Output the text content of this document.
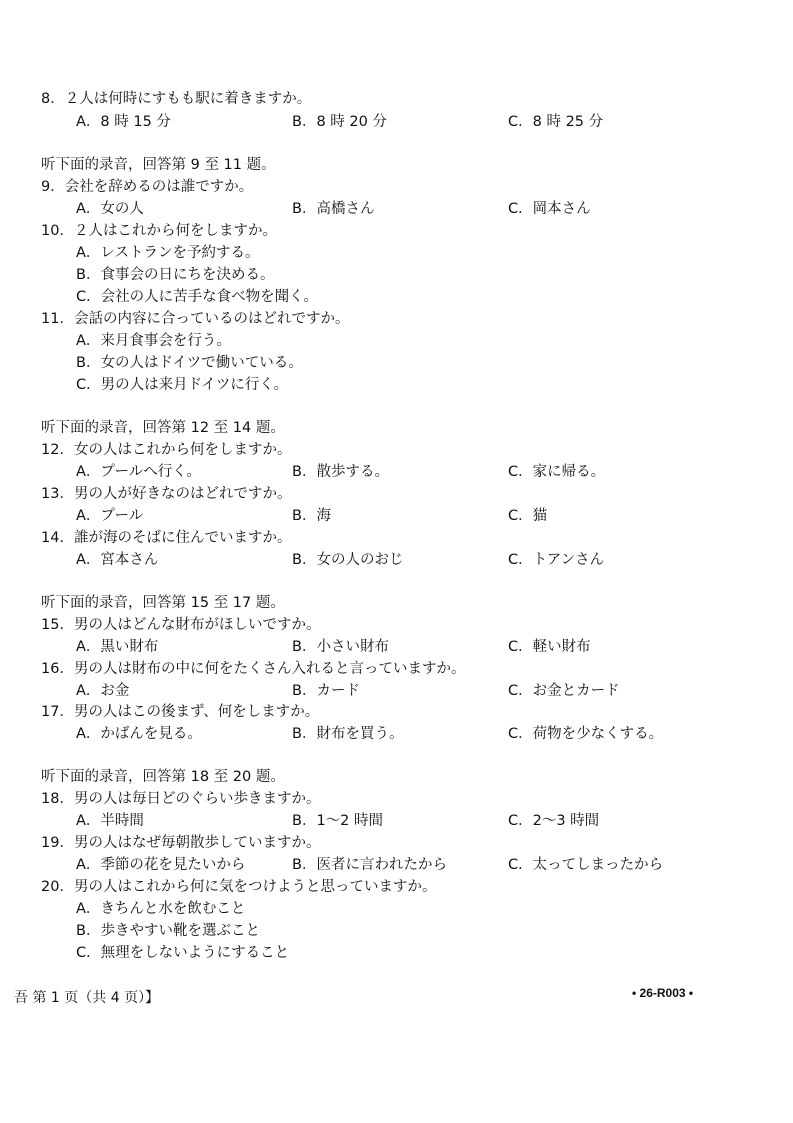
8．２人は何時にすもも駅に着きますか。
A．8 時 15 分	B．8 時 20 分	C．8 時 25 分
听下面的录音，回答第 9 至 11 题。
9．会社を辞めるのは誰ですか。
A．女の人	B．高橋さん	C．岡本さん
10．２人はこれから何をしますか。
A．レストランを予約する。
B．食事会の日にちを決める。
C．会社の人に苦手な食べ物を聞く。
11．会話の内容に合っているのはどれですか。
A．来月食事会を行う。
B．女の人はドイツで働いている。
C．男の人は来月ドイツに行く。
听下面的录音，回答第 12 至 14 题。
12．女の人はこれから何をしますか。
A．プールへ行く。	B．散歩する。	C．家に帰る。
13．男の人が好きなのはどれですか。
A．プール	B．海	C．猫
14．誰が海のそばに住んでいますか。
A．宮本さん	B．女の人のおじ	C．トアンさん
听下面的录音，回答第 15 至 17 题。
15．男の人はどんな財布がほしいですか。
A．黒い財布	B．小さい財布	C．軽い財布
16．男の人は財布の中に何をたくさん入れると言っていますか。
A．お金	B．カード	C．お金とカード
17．男の人はこの後まず、何をしますか。
A．かばんを見る。	B．財布を買う。	C．荷物を少なくする。
听下面的录音，回答第 18 至 20 题。
18．男の人は毎日どのぐらい歩きますか。
A．半時間	B．1～2 時間	C．2～3 時間
19．男の人はなぜ毎朝散歩していますか。
A．季節の花を見たいから	B．医者に言われたから	C．太ってしまったから
20．男の人はこれから何に気をつけようと思っていますか。
A．きちんと水を飲むこと
B．歩きやすい靴を選ぶこと
C．無理をしないようにすること
吾 第 1 页（共 4 页）】	• 26-R003 •
